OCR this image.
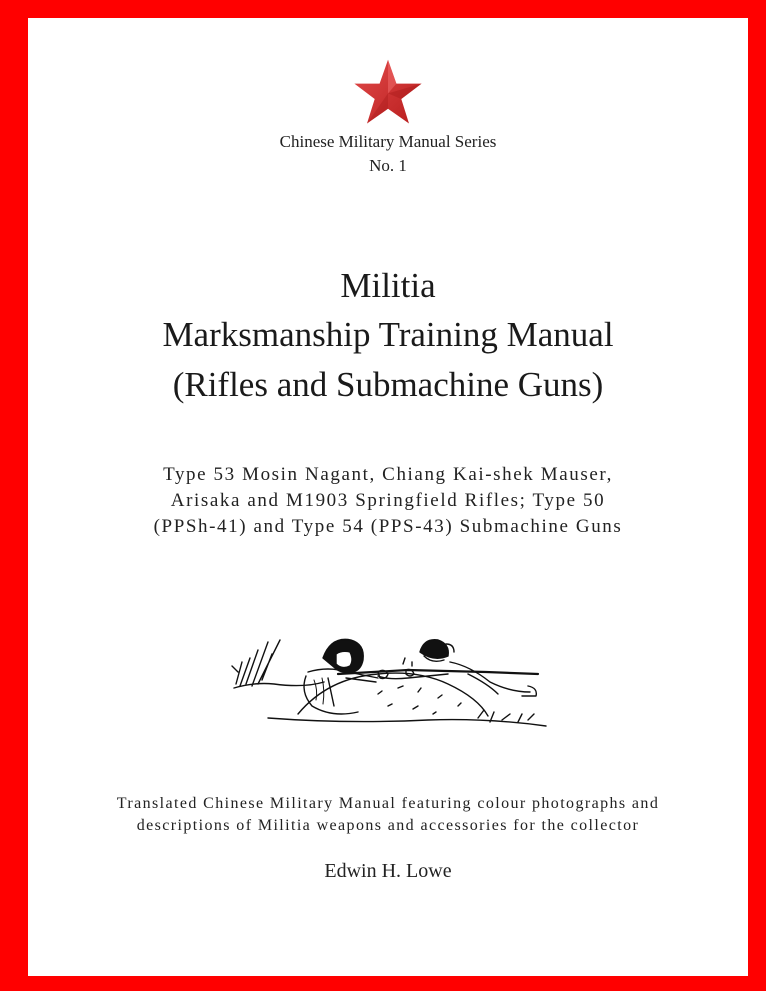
Chinese Military Manual Series
No. 1
Militia
Marksmanship Training Manual
(Rifles and Submachine Guns)
Type 53 Mosin Nagant, Chiang Kai-shek Mauser,
Arisaka and M1903 Springfield Rifles; Type 50
(PPSh-41) and Type 54 (PPS-43) Submachine Guns
Translated Chinese Military Manual featuring colour photographs and
descriptions of Militia weapons and accessories for the collector
Edwin H. Lowe
